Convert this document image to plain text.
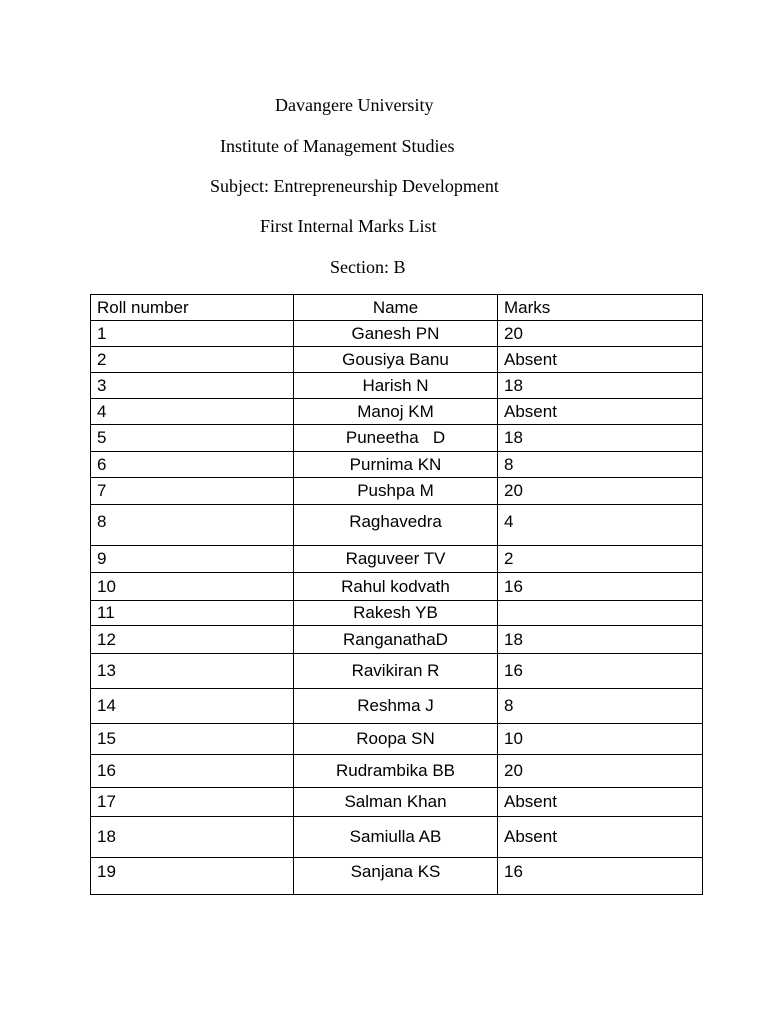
Davangere University
Institute of Management Studies
Subject: Entrepreneurship Development
First Internal Marks List
Section: B
Roll number	Name	Marks
1	Ganesh PN	20
2	Gousiya Banu	Absent
3	Harish N	18
4	Manoj KM	Absent
5	Puneetha   D	18
6	Purnima KN	8
7	Pushpa M	20
8	Raghavedra	4
9	Raguveer TV	2
10	Rahul kodvath	16
11	Rakesh YB	
12	RanganathaD	18
13	Ravikiran R	16
14	Reshma J	8
15	Roopa SN	10
16	Rudrambika BB	20
17	Salman Khan	Absent
18	Samiulla AB	Absent
19	Sanjana KS	16
